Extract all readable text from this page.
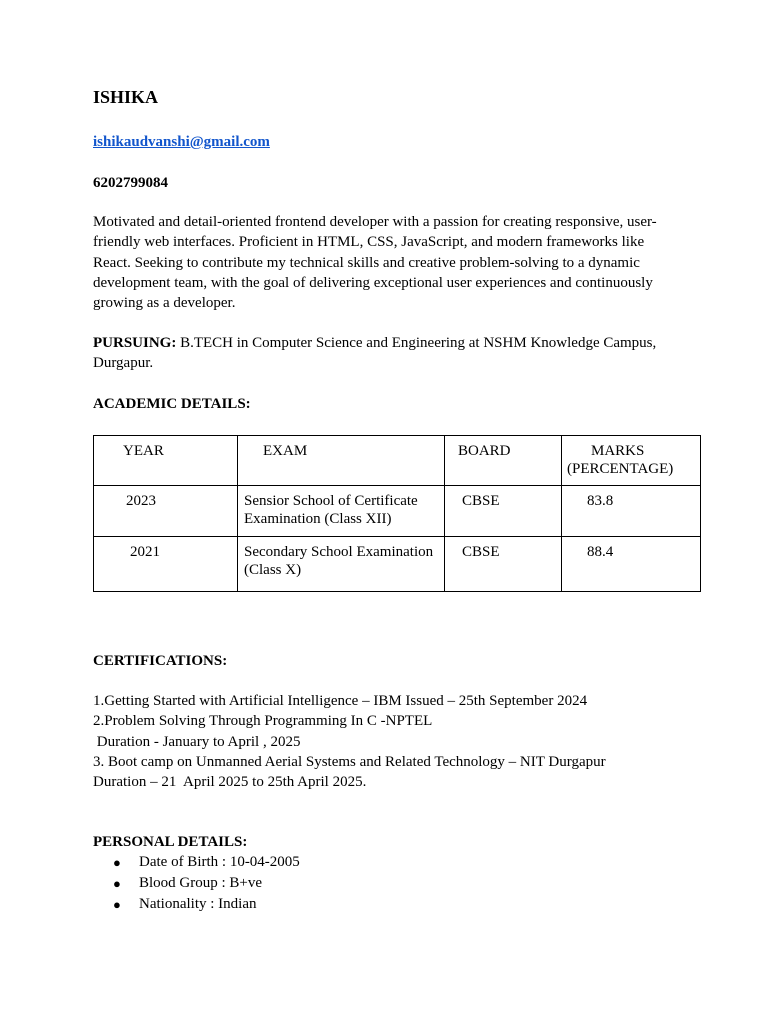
ISHIKA
ishikaudvanshi@gmail.com
6202799084
Motivated and detail-oriented frontend developer with a passion for creating responsive, user-friendly web interfaces. Proficient in HTML, CSS, JavaScript, and modern frameworks like React. Seeking to contribute my technical skills and creative problem-solving to a dynamic development team, with the goal of delivering exceptional user experiences and continuously growing as a developer.
PURSUING: B.TECH in Computer Science and Engineering at NSHM Knowledge Campus, Durgapur.
ACADEMIC DETAILS:
YEAR	EXAM	BOARD	MARKS
(PERCENTAGE)
2023	Sensior School of Certificate Examination (Class XII)	CBSE	83.8
2021	Secondary School Examination (Class X)	CBSE	88.4
CERTIFICATIONS:
1.Getting Started with Artificial Intelligence – IBM Issued – 25th September 2024
2.Problem Solving Through Programming In C -NPTEL
Duration - January to April , 2025
3. Boot camp on Unmanned Aerial Systems and Related Technology – NIT Durgapur
Duration – 21  April 2025 to 25th April 2025.
PERSONAL DETAILS:
● Date of Birth : 10-04-2005
● Blood Group : B+ve
● Nationality : Indian
